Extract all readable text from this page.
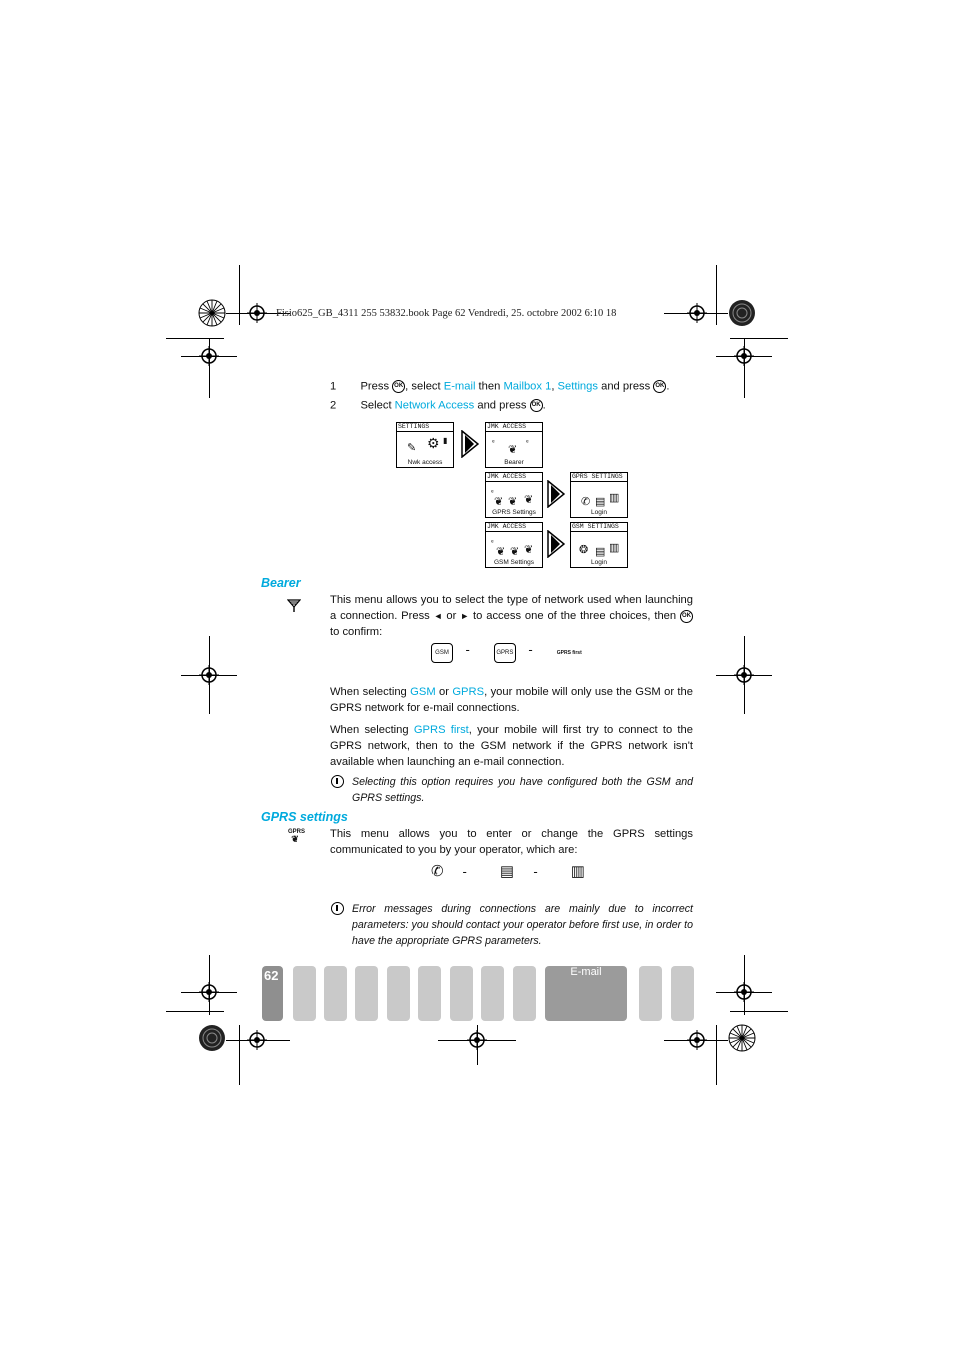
Fisio625_GB_4311 255 53832.book Page 62 Vendredi, 25. octobre 2002 6:10 18
1 Press OK , select E-mail then Mailbox 1, Settings and press OK .
2 Select Network Access and press OK .
SETTINGS
✎ ⚙ ▮
Nwk access
JMK ACCESS
ₑ
❦
ₑ
Bearer
JMK ACCESS
ₑ
❦ ❦ ❦
GPRS Settings
GPRS SETTINGS
✆ ▤ ▥
Login
JMK ACCESS
ₑ
❦ ❦ ❦
GSM Settings
GSM SETTINGS
❂ ▤ ▥
Login
Bearer
This menu allows you to select the type of network used when launching a connection. Press ◄ or ► to access one of the three choices, then OK to confirm:
GSM -	GPRS -	GPRS first
When selecting GSM or GPRS, your mobile will only use the GSM or the GPRS network for e-mail connections.
When selecting GPRS first, your mobile will first try to connect to the GPRS network, then to the GSM network if the GPRS network isn't available when launching an e-mail connection.
Selecting this option requires you have configured both the GSM and GPRS settings.
GPRS settings
GPRS
❦	This menu allows you to enter or change the GPRS settings communicated to you by your operator, which are:
✆ - ▤ - ▥
Error messages during connections are mainly due to incorrect parameters: you should contact your operator before first use, in order to have the appropriate GPRS parameters.
62	E-mail
